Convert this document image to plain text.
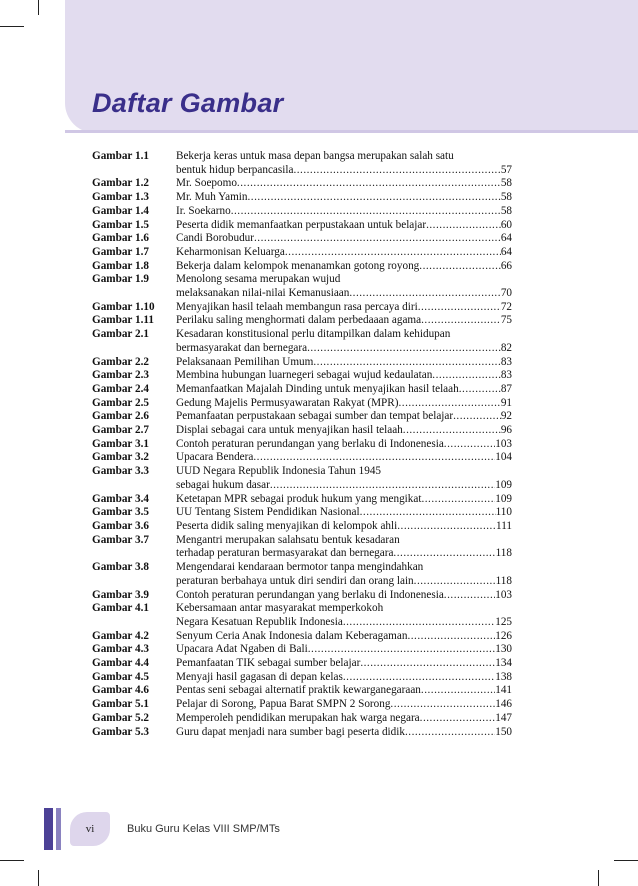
Daftar Gambar
Gambar 1.1	Bekerja keras untuk masa depan bangsa merupakan salah satu
bentuk hidup berpancasila .....	57
Gambar 1.2	Mr. Soepomo .....	58
Gambar 1.3	Mr. Muh Yamin .....	58
Gambar 1.4	Ir. Soekarno .....	58
Gambar 1.5	Peserta didik memanfaatkan perpustakaan untuk belajar .....	60
Gambar 1.6	Candi Borobudur .....	64
Gambar 1.7	Keharmonisan Keluarga .....	64
Gambar 1.8	Bekerja dalam kelompok menanamkan gotong royong .....	66
Gambar 1.9	Menolong sesama merupakan wujud
melaksanakan nilai-nilai Kemanusiaan .....	70
Gambar 1.10	Menyajikan hasil telaah membangun rasa percaya diri .....	72
Gambar 1.11	Perilaku saling menghormati dalam perbedaaan agama .....	75
Gambar 2.1	Kesadaran konstitusional perlu ditampilkan dalam kehidupan
bermasyarakat dan bernegara .....	82
Gambar 2.2	Pelaksanaan Pemilihan Umum .....	83
Gambar 2.3	Membina hubungan luarnegeri sebagai wujud kedaulatan .....	83
Gambar 2.4	Memanfaatkan Majalah Dinding untuk menyajikan hasil telaah .....	87
Gambar 2.5	Gedung Majelis Permusyawaratan Rakyat (MPR) .....	91
Gambar 2.6	Pemanfaatan perpustakaan sebagai sumber dan tempat belajar .....	92
Gambar 2.7	Displai sebagai cara untuk menyajikan hasil telaah .....	96
Gambar 3.1	Contoh peraturan perundangan yang berlaku di Indonenesia .....	103
Gambar 3.2	Upacara Bendera .....	104
Gambar 3.3	UUD Negara Republik Indonesia Tahun 1945
sebagai hukum dasar .....	109
Gambar 3.4	Ketetapan MPR sebagai produk hukum yang mengikat .....	109
Gambar 3.5	UU Tentang Sistem Pendidikan Nasional .....	110
Gambar 3.6	Peserta didik saling menyajikan di kelompok ahli .....	111
Gambar 3.7	Mengantri merupakan salahsatu bentuk kesadaran
terhadap peraturan bermasyarakat dan bernegara .....	118
Gambar 3.8	Mengendarai kendaraan bermotor tanpa mengindahkan
peraturan berbahaya untuk diri sendiri dan orang lain .....	118
Gambar 3.9	Contoh peraturan perundangan yang berlaku di Indonenesia .....	103
Gambar 4.1	Kebersamaan antar masyarakat memperkokoh
Negara Kesatuan Republik Indonesia .....	125
Gambar 4.2	Senyum Ceria Anak Indonesia dalam Keberagaman .....	126
Gambar 4.3	Upacara Adat Ngaben di Bali .....	130
Gambar 4.4	Pemanfaatan TIK sebagai sumber belajar .....	134
Gambar 4.5	Menyaji hasil gagasan di depan kelas .....	138
Gambar 4.6	Pentas seni sebagai alternatif praktik kewarganegaraan .....	141
Gambar 5.1	Pelajar di Sorong, Papua Barat SMPN 2 Sorong .....	146
Gambar 5.2	Memperoleh pendidikan merupakan hak warga negara .....	147
Gambar 5.3	Guru dapat menjadi nara sumber bagi peserta didik .....	150
vi	Buku Guru Kelas VIII SMP/MTs
